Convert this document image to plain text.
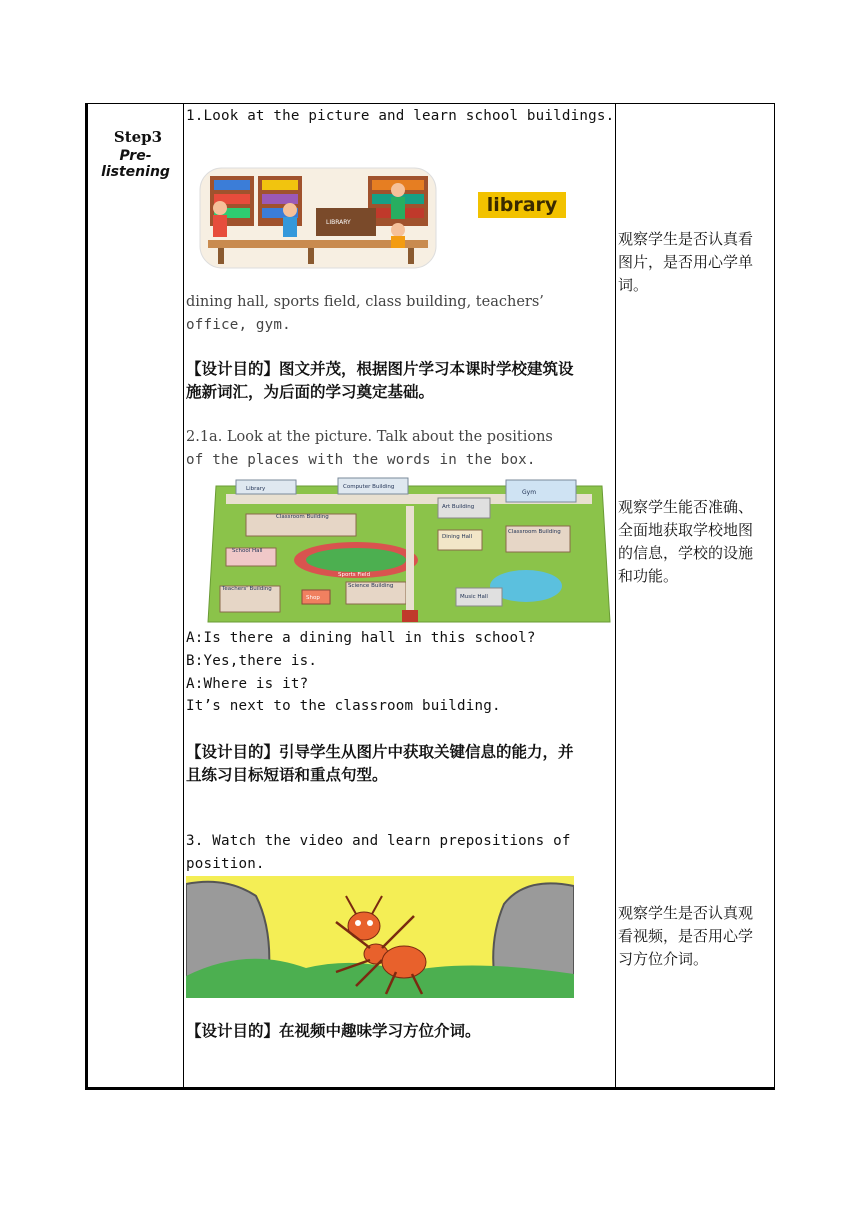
Step3
Pre-listening
1.Look at the picture and learn school buildings.
LIBRARY
library
dining hall, sports field, class building, teachers’
office, gym.
【设计目的】图文并茂，根据图片学习本课时学校建筑设
施新词汇，为后面的学习奠定基础。
2.1a. Look at the picture. Talk about the positions
of the places with the words in the box.
Library	Computer Building
Art Building
Gym
Classroom Building
Classroom Building
Dining Hall
School Hall
Sports Field
Teachers' Building
Shop
Science Building
Music Hall
A:Is there a dining hall in this school?
B:Yes,there is.
A:Where is it?
It’s next to the classroom building.
【设计目的】引导学生从图片中获取关键信息的能力，并
且练习目标短语和重点句型。
3. Watch the video and learn prepositions of
position.
【设计目的】在视频中趣味学习方位介词。
观察学生是否认真看
图片，是否用心学单
词。
观察学生能否准确、
全面地获取学校地图
的信息，学校的设施
和功能。
观察学生是否认真观
看视频，是否用心学
习方位介词。
